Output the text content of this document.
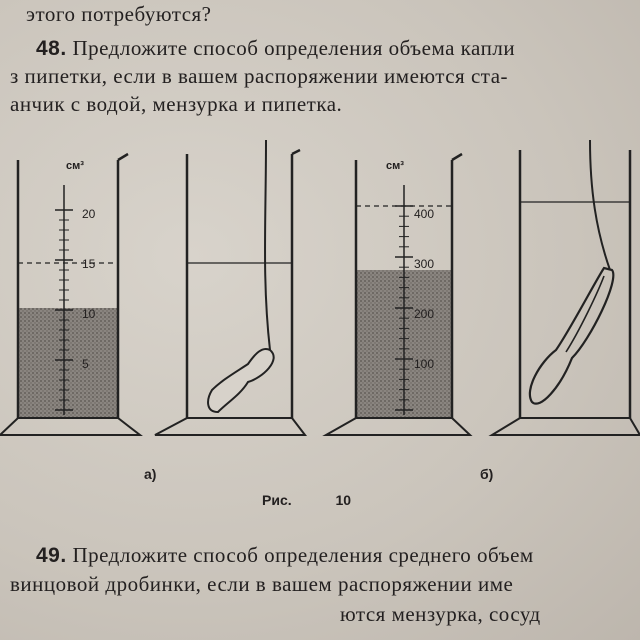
этого потребуются?
48. Предложите способ определения объема капли
з пипетки, если в вашем распоряжении имеются ста-
анчик с водой, мензурка и пипетка.
см³	см³
20
15
10
5
400
300
200
100
а)	б)
Рис.	10
49. Предложите способ определения среднего объем
винцовой дробинки, если в вашем распоряжении име
ются мензурка, сосуд
